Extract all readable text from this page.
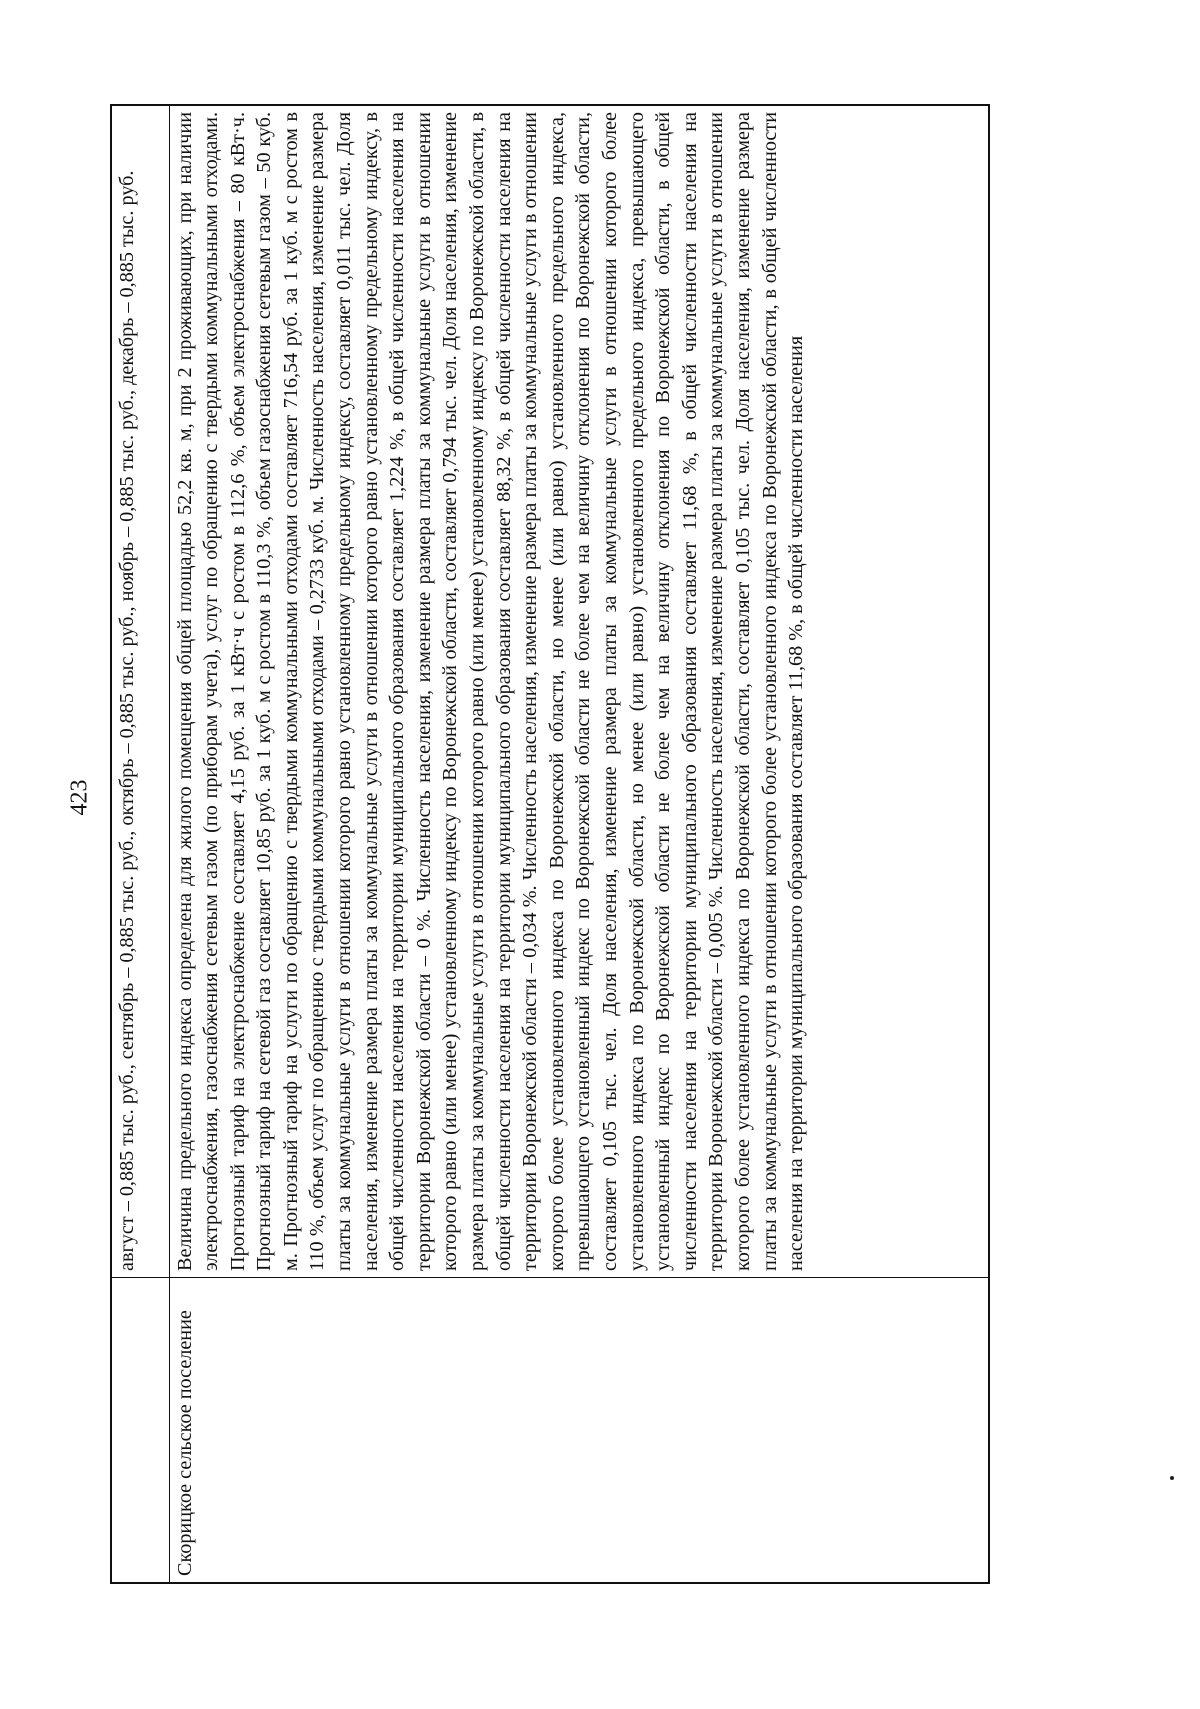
423
	август – 0,885 тыс. руб., сентябрь – 0,885 тыс. руб., октябрь – 0,885 тыс. руб., ноябрь – 0,885 тыс. руб., декабрь – 0,885 тыс. руб.
Скорицкое сельское поселение	Величина предельного индекса определена для жилого помещения общей площадью 52,2 кв. м, при 2 проживающих, при наличии электроснабжения, газоснабжения сетевым газом (по приборам учета), услуг по обращению с твердыми коммунальными отходами. Прогнозный тариф на электроснабжение составляет 4,15 руб. за 1 кВт·ч с ростом в 112,6 %, объем электроснабжения – 80 кВт·ч. Прогнозный тариф на сетевой газ составляет 10,85 руб. за 1 куб. м с ростом в 110,3 %, объем газоснабжения сетевым газом – 50 куб. м. Прогнозный тариф на услуги по обращению с твердыми коммунальными отходами составляет 716,54 руб. за 1 куб. м с ростом в 110 %, объем услуг по обращению с твердыми коммунальными отходами – 0,2733 куб. м. Численность населения, изменение размера платы за коммунальные услуги в отношении которого равно установленному предельному индексу, составляет 0,011 тыс. чел. Доля населения, изменение размера платы за коммунальные услуги в отношении которого равно установленному предельному индексу, в общей численности населения на территории муниципального образования составляет 1,224 %, в общей численности населения на территории Воронежской области – 0 %. Численность населения, изменение размера платы за коммунальные услуги в отношении которого равно (или менее) установленному индексу по Воронежской области, составляет 0,794 тыс. чел. Доля населения, изменение размера платы за коммунальные услуги в отношении которого равно (или менее) установленному индексу по Воронежской области, в общей численности населения на территории муниципального образования составляет 88,32 %, в общей численности населения на территории Воронежской области – 0,034 %. Численность населения, изменение размера платы за коммунальные услуги в отношении которого более установленного индекса по Воронежской области, но менее (или равно) установленного предельного индекса, превышающего установленный индекс по Воронежской области не более чем на величину отклонения по Воронежской области, составляет 0,105 тыс. чел. Доля населения, изменение размера платы за коммунальные услуги в отношении которого более установленного индекса по Воронежской области, но менее (или равно) установленного предельного индекса, превышающего установленный индекс по Воронежской области не более чем на величину отклонения по Воронежской области, в общей численности населения на территории муниципального образования составляет 11,68 %, в общей численности населения на территории Воронежской области – 0,005 %. Численность населения, изменение размера платы за коммунальные услуги в отношении которого более установленного индекса по Воронежской области, составляет 0,105 тыс. чел. Доля населения, изменение размера платы за коммунальные услуги в отношении которого более установленного индекса по Воронежской области, в общей численности населения на территории муниципального образования составляет 11,68 %, в общей численности населения
